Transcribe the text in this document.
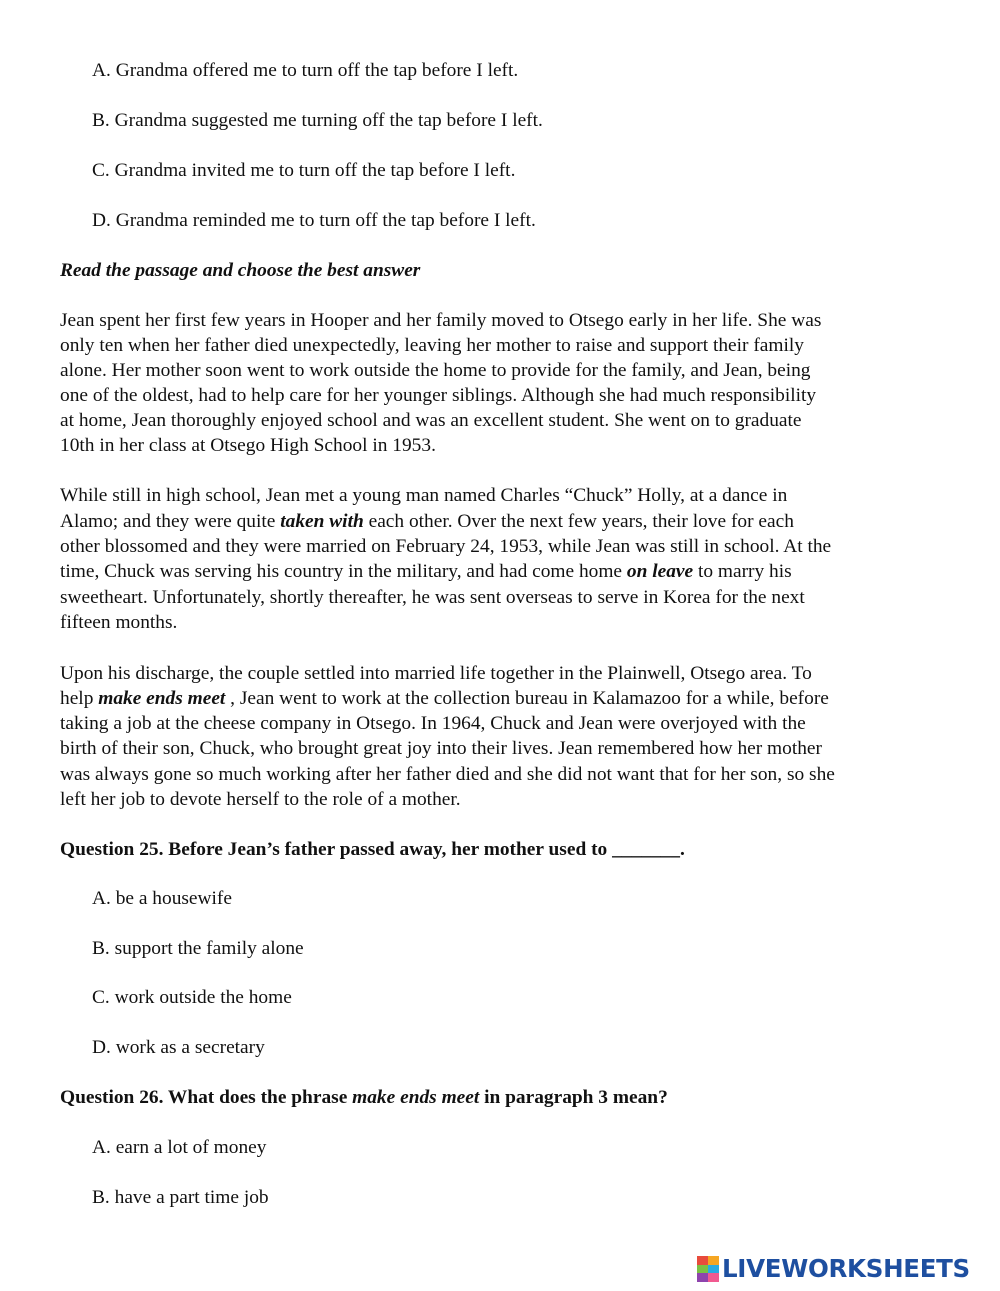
A. Grandma offered me to turn off the tap before I left.
B. Grandma suggested me turning off the tap before I left.
C. Grandma invited me to turn off the tap before I left.
D. Grandma reminded me to turn off the tap before I left.
Read the passage and choose the best answer
Jean spent her first few years in Hooper and her family moved to Otsego early in her life. She was
only ten when her father died unexpectedly, leaving her mother to raise and support their family
alone. Her mother soon went to work outside the home to provide for the family, and Jean, being
one of the oldest, had to help care for her younger siblings. Although she had much responsibility
at home, Jean thoroughly enjoyed school and was an excellent student. She went on to graduate
10th in her class at Otsego High School in 1953.
While still in high school, Jean met a young man named Charles “Chuck” Holly, at a dance in
Alamo; and they were quite taken with each other. Over the next few years, their love for each
other blossomed and they were married on February 24, 1953, while Jean was still in school. At the
time, Chuck was serving his country in the military, and had come home on leave to marry his
sweetheart. Unfortunately, shortly thereafter, he was sent overseas to serve in Korea for the next
fifteen months.
Upon his discharge, the couple settled into married life together in the Plainwell, Otsego area. To
help make ends meet , Jean went to work at the collection bureau in Kalamazoo for a while, before
taking a job at the cheese company in Otsego. In 1964, Chuck and Jean were overjoyed with the
birth of their son, Chuck, who brought great joy into their lives. Jean remembered how her mother
was always gone so much working after her father died and she did not want that for her son, so she
left her job to devote herself to the role of a mother.
Question 25. Before Jean’s father passed away, her mother used to _______.
A. be a housewife
B. support the family alone
C. work outside the home
D. work as a secretary
Question 26. What does the phrase make ends meet in paragraph 3 mean?
A. earn a lot of money
B. have a part time job
LIVEWORKSHEETS
